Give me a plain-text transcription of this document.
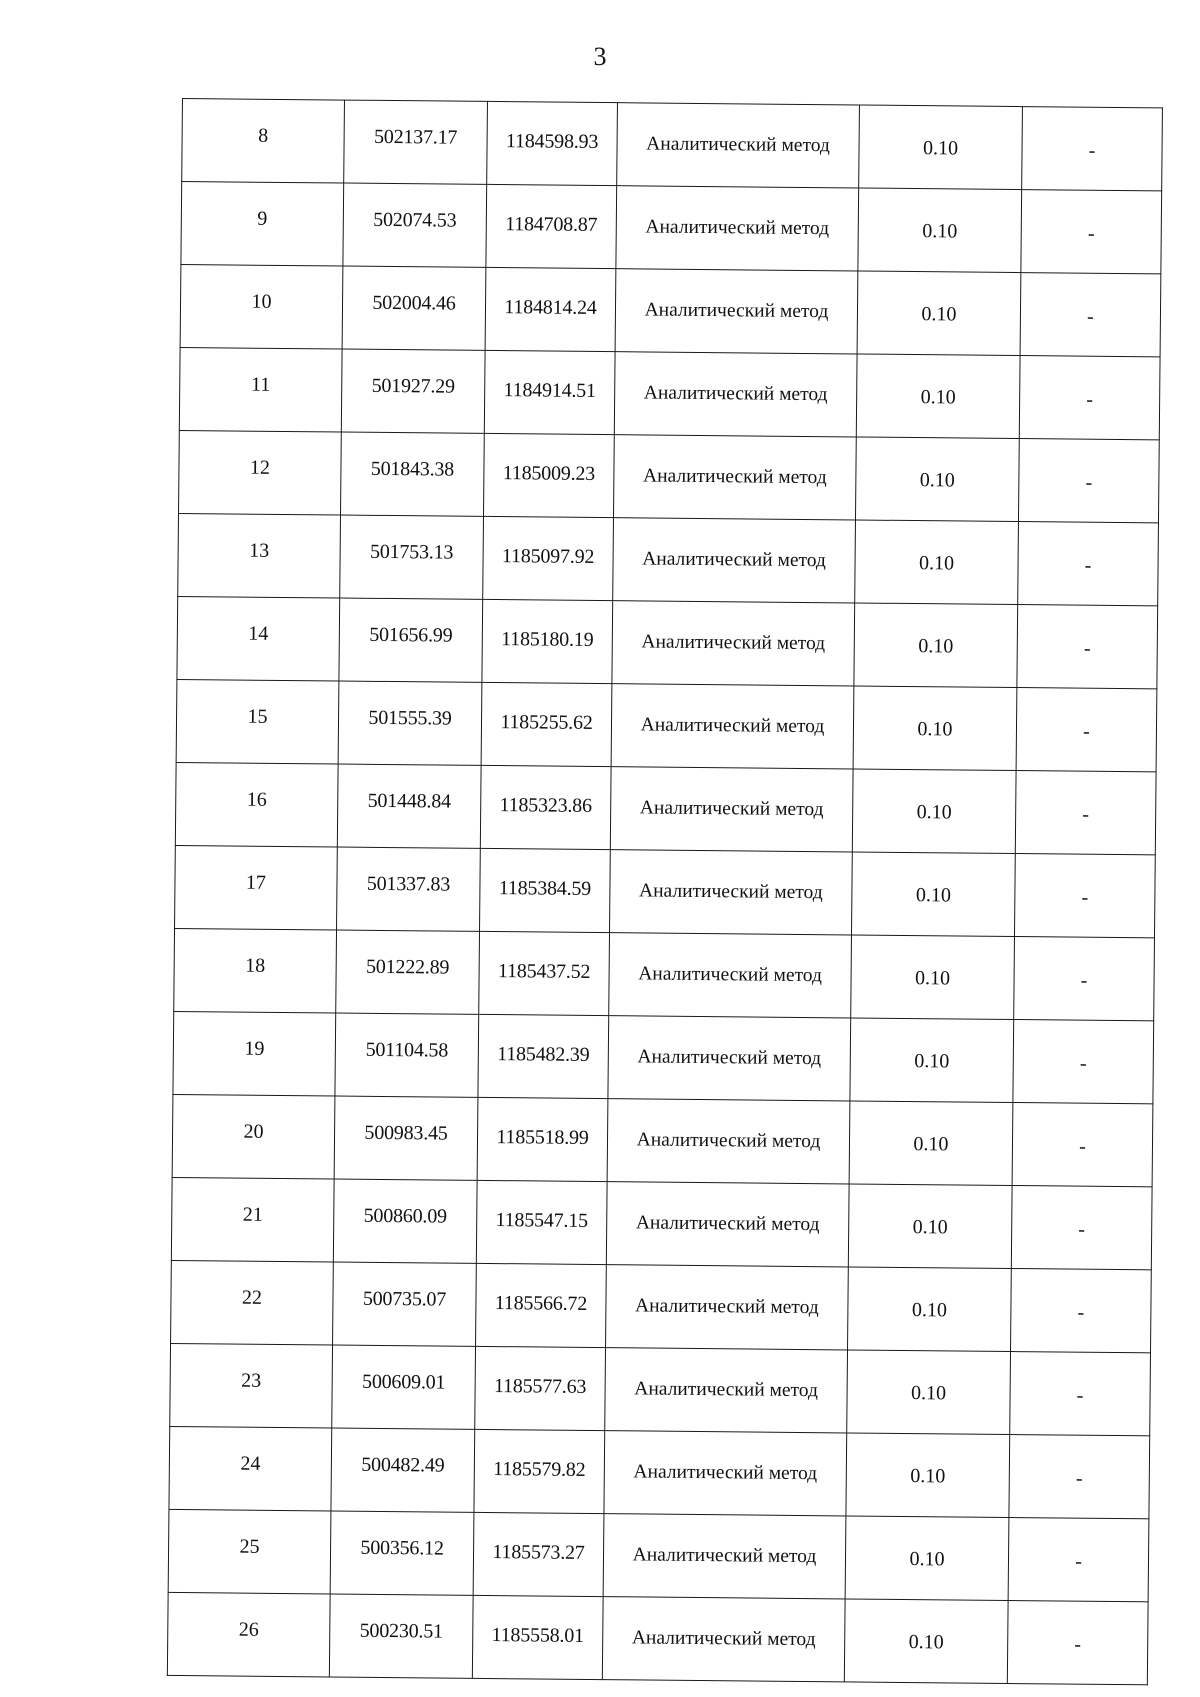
3
8	502137.17	1184598.93	Аналитический метод	0.10	-
9	502074.53	1184708.87	Аналитический метод	0.10	-
10	502004.46	1184814.24	Аналитический метод	0.10	-
11	501927.29	1184914.51	Аналитический метод	0.10	-
12	501843.38	1185009.23	Аналитический метод	0.10	-
13	501753.13	1185097.92	Аналитический метод	0.10	-
14	501656.99	1185180.19	Аналитический метод	0.10	-
15	501555.39	1185255.62	Аналитический метод	0.10	-
16	501448.84	1185323.86	Аналитический метод	0.10	-
17	501337.83	1185384.59	Аналитический метод	0.10	-
18	501222.89	1185437.52	Аналитический метод	0.10	-
19	501104.58	1185482.39	Аналитический метод	0.10	-
20	500983.45	1185518.99	Аналитический метод	0.10	-
21	500860.09	1185547.15	Аналитический метод	0.10	-
22	500735.07	1185566.72	Аналитический метод	0.10	-
23	500609.01	1185577.63	Аналитический метод	0.10	-
24	500482.49	1185579.82	Аналитический метод	0.10	-
25	500356.12	1185573.27	Аналитический метод	0.10	-
26	500230.51	1185558.01	Аналитический метод	0.10	-
